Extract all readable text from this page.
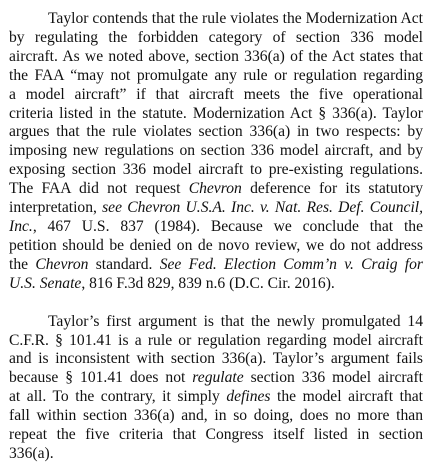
Taylor contends that the rule violates the Modernization Act
by regulating the forbidden category of section 336 model
aircraft. As we noted above, section 336(a) of the Act states that
the FAA “may not promulgate any rule or regulation regarding
a model aircraft” if that aircraft meets the five operational
criteria listed in the statute. Modernization Act § 336(a). Taylor
argues that the rule violates section 336(a) in two respects: by
imposing new regulations on section 336 model aircraft, and by
exposing section 336 model aircraft to pre-existing regulations.
The FAA did not request Chevron deference for its statutory
interpretation, see Chevron U.S.A. Inc. v. Nat. Res. Def. Council,
Inc., 467 U.S. 837 (1984). Because we conclude that the
petition should be denied on de novo review, we do not address
the Chevron standard. See Fed. Election Comm’n v. Craig for
U.S. Senate, 816 F.3d 829, 839 n.6 (D.C. Cir. 2016).
Taylor’s first argument is that the newly promulgated 14
C.F.R. § 101.41 is a rule or regulation regarding model aircraft
and is inconsistent with section 336(a). Taylor’s argument fails
because § 101.41 does not regulate section 336 model aircraft
at all. To the contrary, it simply defines the model aircraft that
fall within section 336(a) and, in so doing, does no more than
repeat the five criteria that Congress itself listed in section
336(a).
